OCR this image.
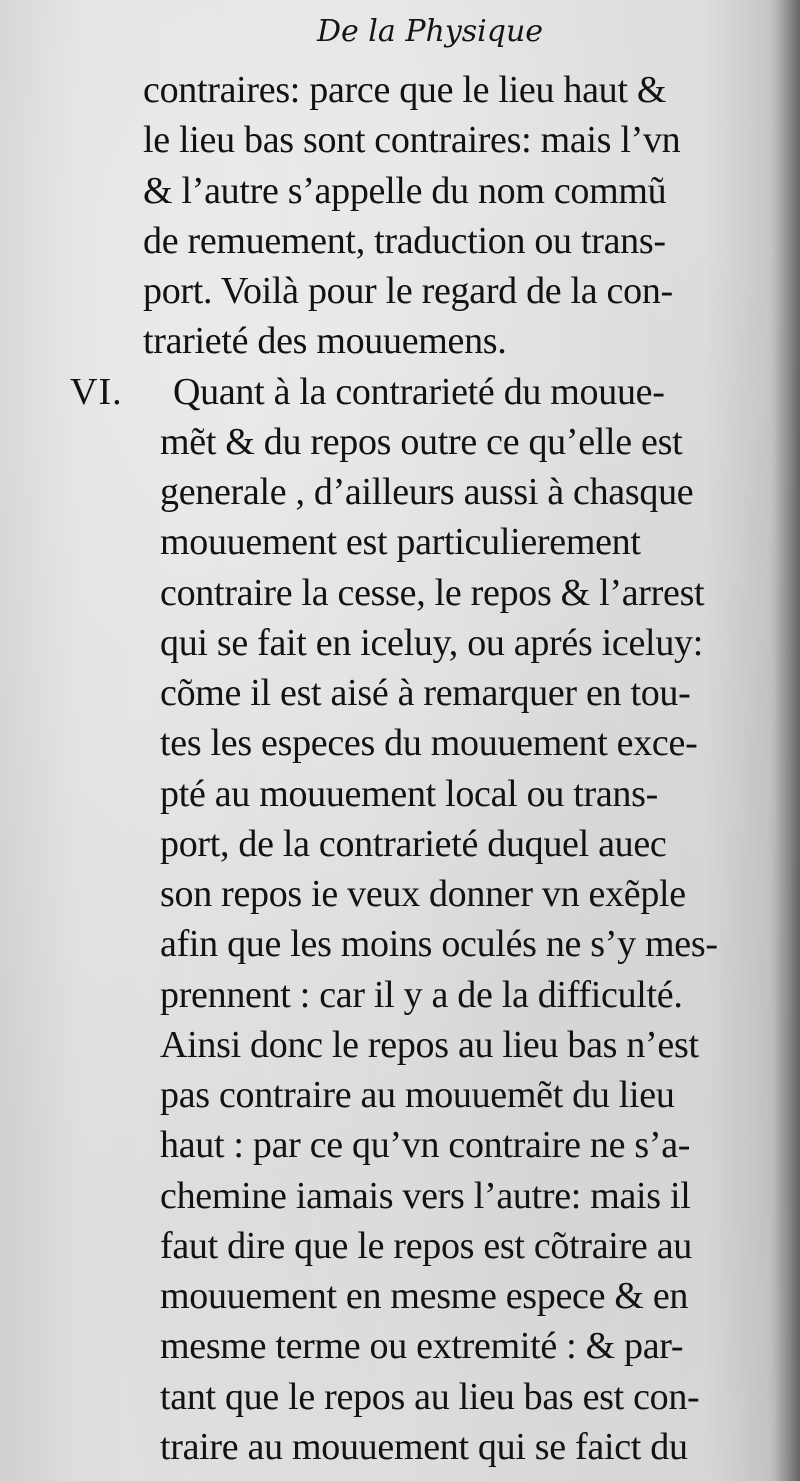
De la Physique
VI.
contraires: parce que le lieu haut &
le lieu bas sont contraires: mais l’vn
& l’autre s’appelle du nom commũ
de remuement, traduction ou trans-
port. Voilà pour le regard de la con-
trarieté des mouuemens.
Quant à la contrarieté du mouue-
mẽt & du repos outre ce qu’elle est
generale , d’ailleurs aussi à chasque
mouuement est particulierement
contraire la cesse, le repos & l’arrest
qui se fait en iceluy, ou aprés iceluy:
cõme il est aisé à remarquer en tou-
tes les especes du mouuement exce-
pté au mouuement local ou trans-
port, de la contrarieté duquel auec
son repos ie veux donner vn exẽple
afin que les moins oculés ne s’y mes-
prennent : car il y a de la difficulté.
Ainsi donc le repos au lieu bas n’est
pas contraire au mouuemẽt du lieu
haut : par ce qu’vn contraire ne s’a-
chemine iamais vers l’autre: mais il
faut dire que le repos est cõtraire au
mouuement en mesme espece & en
mesme terme ou extremité : & par-
tant que le repos au lieu bas est con-
traire au mouuement qui se faict du
